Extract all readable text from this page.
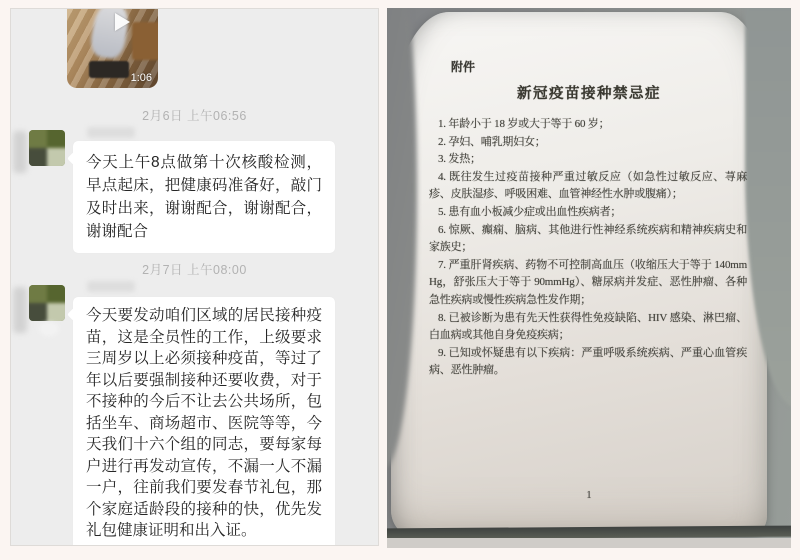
1:06
2月6日 上午06:56
今天上午8点做第十次核酸检测，早点起床，把健康码准备好，敲门及时出来，谢谢配合，谢谢配合，谢谢配合
2月7日 上午08:00
今天要发动咱们区域的居民接种疫苗，这是全员性的工作，上级要求三周岁以上必须接种疫苗，等过了年以后要强制接种还要收费，对于不接种的今后不让去公共场所，包括坐车、商场超市、医院等等，今天我们十六个组的同志，要每家每户进行再发动宣传，不漏一人不漏一户，往前我们要发春节礼包，那个家庭适龄段的接种的快，优先发礼包健康证明和出入证。
附件
新冠疫苗接种禁忌症

1. 年龄小于 18 岁或大于等于 60 岁；

2. 孕妇、哺乳期妇女；

3. 发热；

4. 既往发生过疫苗接种严重过敏反应（如急性过敏反应、荨麻疹、皮肤湿疹、呼吸困难、血管神经性水肿或腹痛）；

5. 患有血小板减少症或出血性疾病者；

6. 惊厥、癫痫、脑病、其他进行性神经系统疾病和精神疾病史和家族史；

7. 严重肝肾疾病、药物不可控制高血压（收缩压大于等于 140mmHg，舒张压大于等于 90mmHg）、糖尿病并发症、恶性肿瘤、各种急性疾病或慢性疾病急性发作期；

8. 已被诊断为患有先天性获得性免疫缺陷、HIV 感染、淋巴瘤、白血病或其他自身免疫疾病；

9. 已知或怀疑患有以下疾病：严重呼吸系统疾病、严重心血管疾病、恶性肿瘤。

1
